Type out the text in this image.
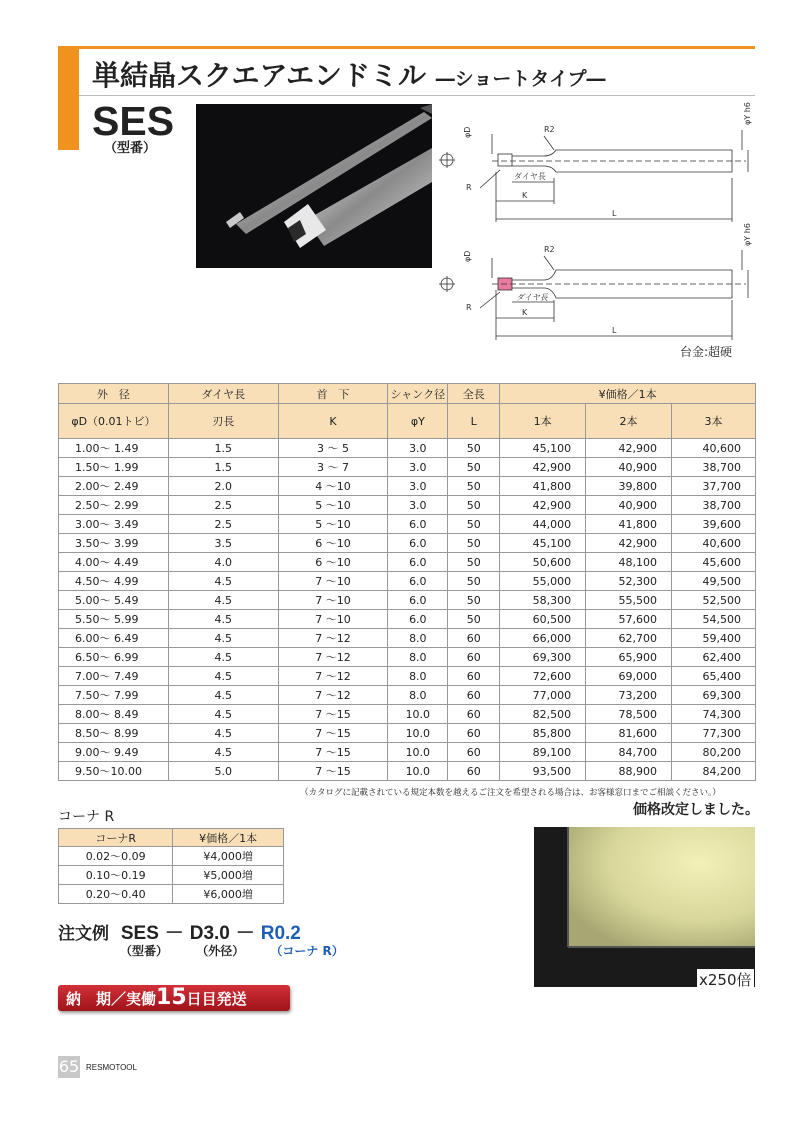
単結晶スクエアエンドミル ―ショートタイプ―
SES
（型番）
φD
φY h6
R2
R
ダイヤ長
K
L
φD
φY h6
R2
R
ダイヤ長
K
L
台金:超硬
外　径	ダイヤ長	首　下	シャンク径	全長	¥価格／1本		
φD（0.01トビ）	刃長	K	φY	L	1本	2本	3本
1.00〜 1.49	1.5	3 〜 5	3.0	50	45,100	42,900	40,600
1.50〜 1.99	1.5	3 〜 7	3.0	50	42,900	40,900	38,700
2.00〜 2.49	2.0	4 〜10	3.0	50	41,800	39,800	37,700
2.50〜 2.99	2.5	5 〜10	3.0	50	42,900	40,900	38,700
3.00〜 3.49	2.5	5 〜10	6.0	50	44,000	41,800	39,600
3.50〜 3.99	3.5	6 〜10	6.0	50	45,100	42,900	40,600
4.00〜 4.49	4.0	6 〜10	6.0	50	50,600	48,100	45,600
4.50〜 4.99	4.5	7 〜10	6.0	50	55,000	52,300	49,500
5.00〜 5.49	4.5	7 〜10	6.0	50	58,300	55,500	52,500
5.50〜 5.99	4.5	7 〜10	6.0	50	60,500	57,600	54,500
6.00〜 6.49	4.5	7 〜12	8.0	60	66,000	62,700	59,400
6.50〜 6.99	4.5	7 〜12	8.0	60	69,300	65,900	62,400
7.00〜 7.49	4.5	7 〜12	8.0	60	72,600	69,000	65,400
7.50〜 7.99	4.5	7 〜12	8.0	60	77,000	73,200	69,300
8.00〜 8.49	4.5	7 〜15	10.0	60	82,500	78,500	74,300
8.50〜 8.99	4.5	7 〜15	10.0	60	85,800	81,600	77,300
9.00〜 9.49	4.5	7 〜15	10.0	60	89,100	84,700	80,200
9.50〜10.00	5.0	7 〜15	10.0	60	93,500	88,900	84,200
（カタログに記載されている規定本数を越えるご注文を希望される場合は、お客様窓口までご相談ください。）
価格改定しました。
コーナ R
コーナR	¥価格／1本
0.02〜0.09	¥4,000増
0.10〜0.19	¥5,000増
0.20〜0.40	¥6,000増
注文例 SES － D3.0 － R0.2
（型番） （外径） （コーナ R）
x250倍
納　期／実働15日目発送
65 RESMOTOOL
